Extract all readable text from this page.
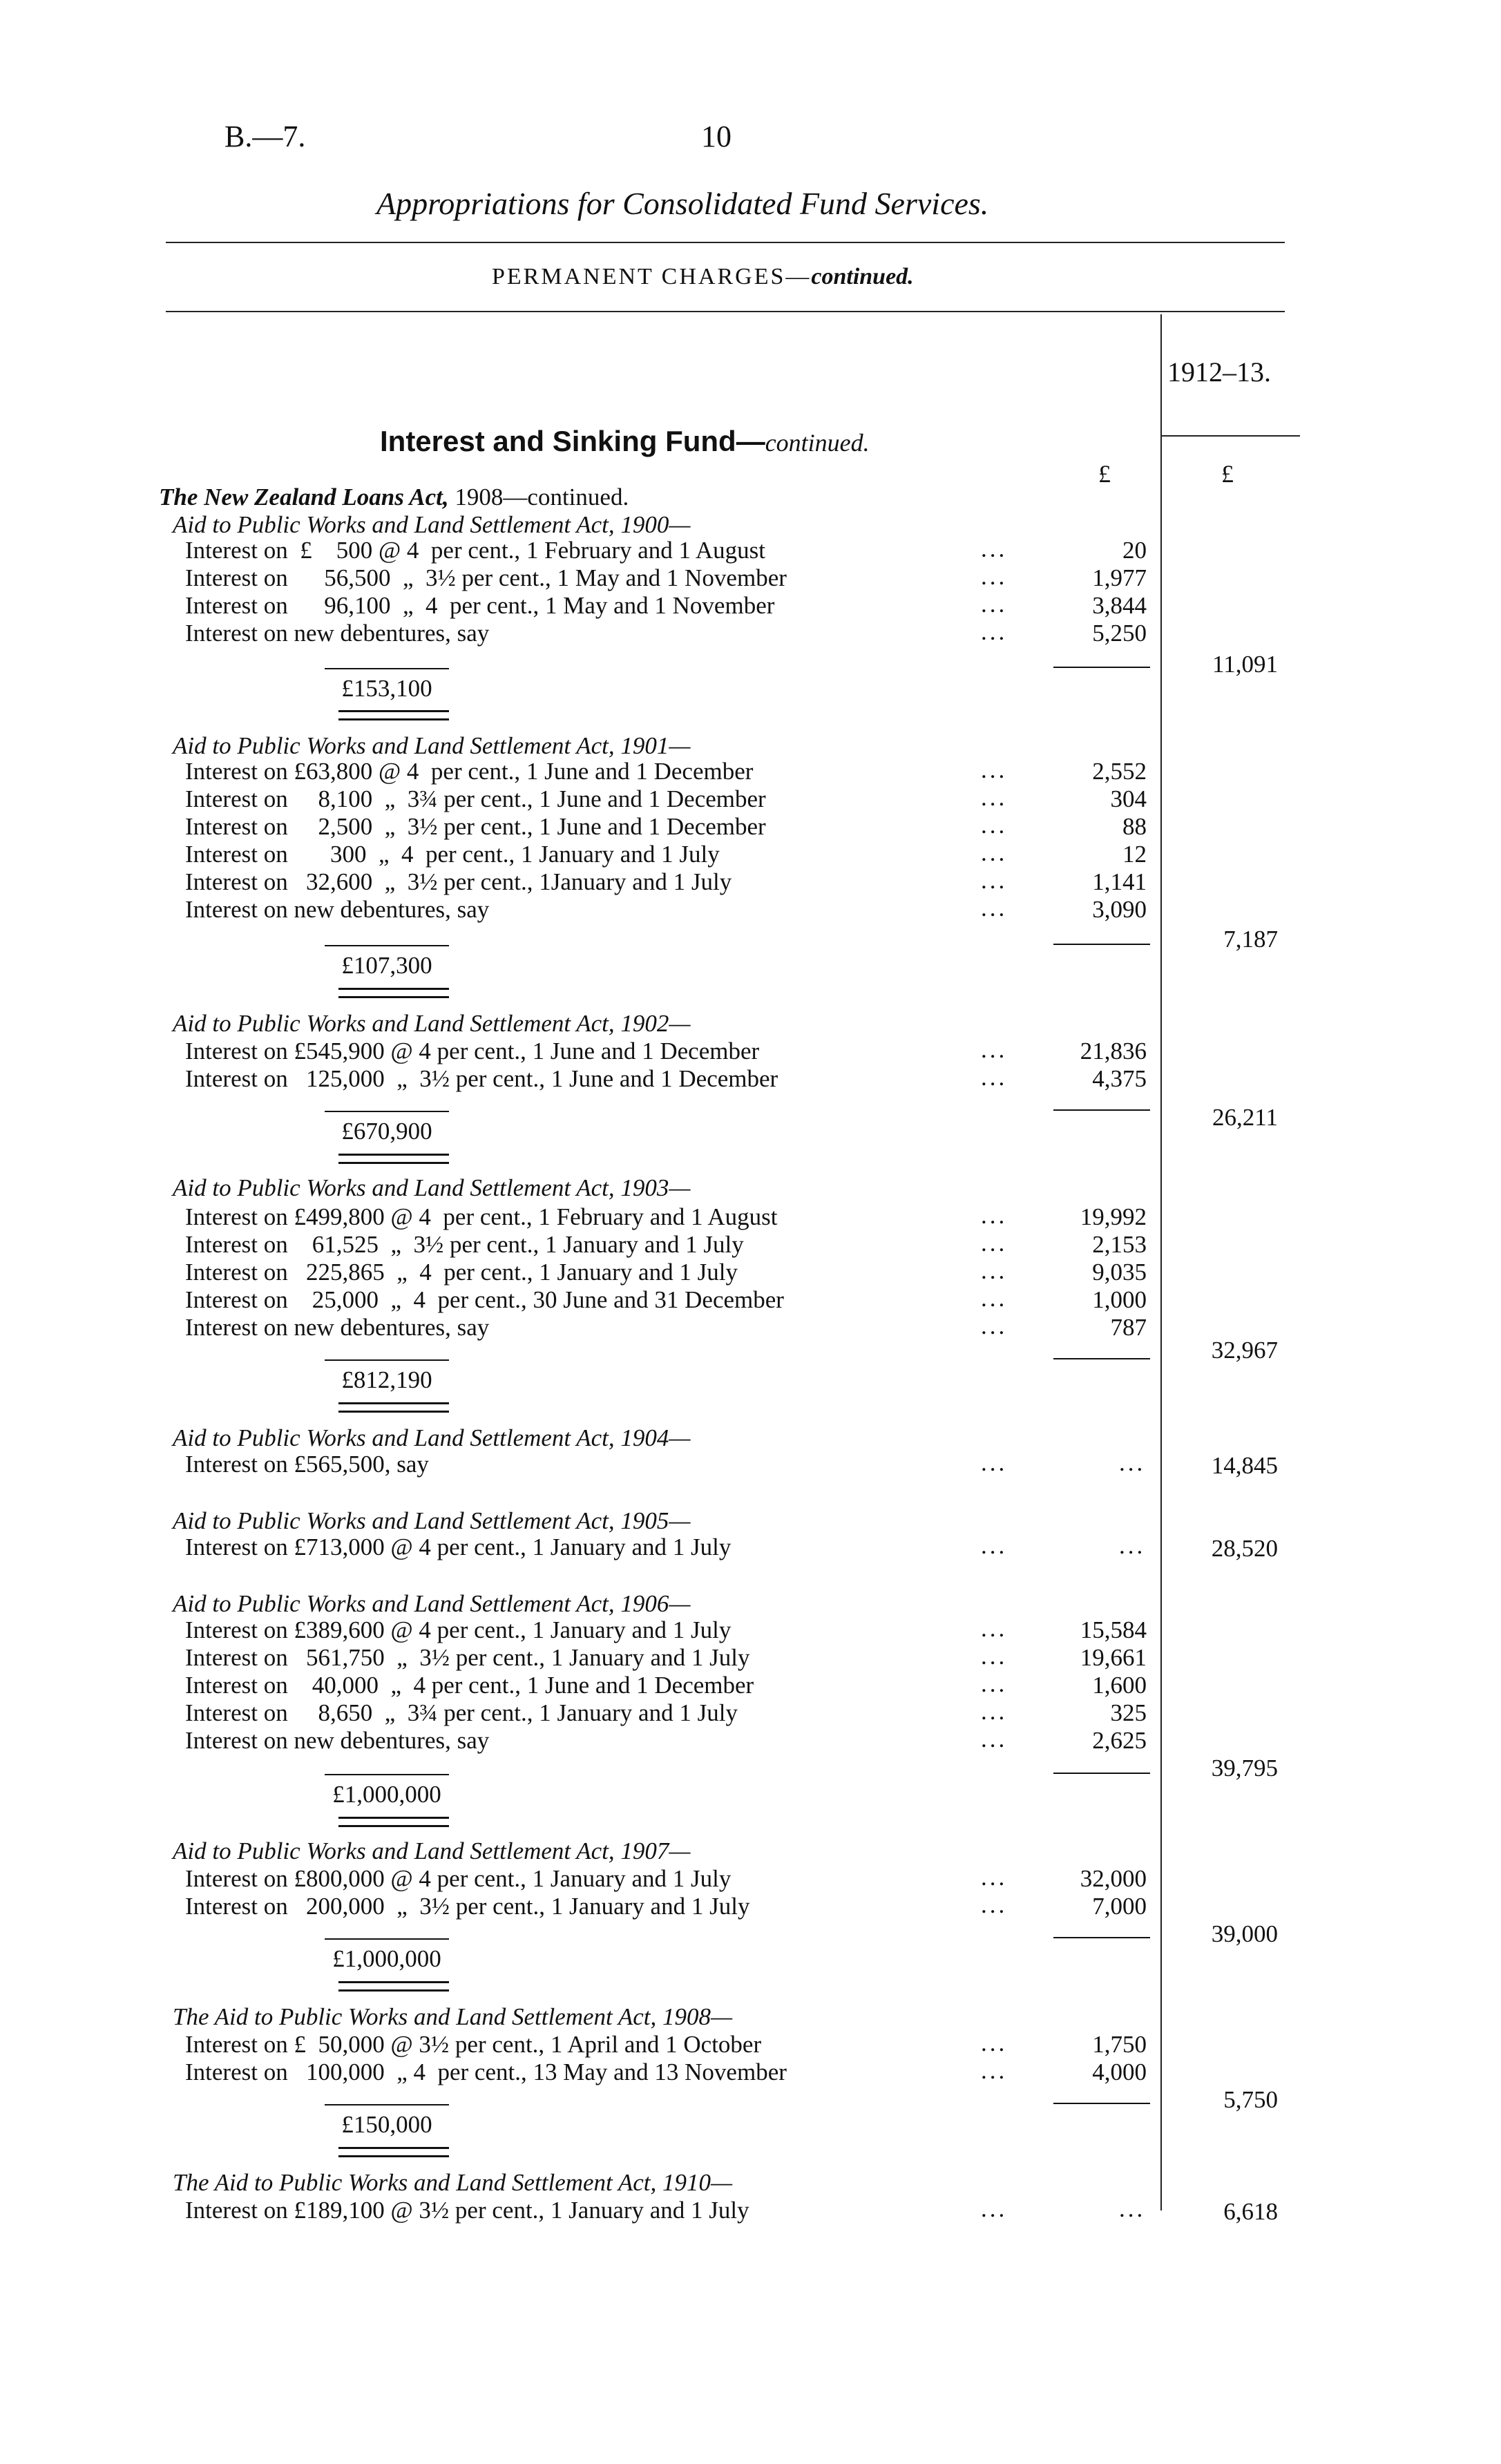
B.—7.	10
Appropriations for Consolidated Fund Services.
PERMANENT CHARGES—continued.
1912–13.
£	£
Interest and Sinking Fund—continued.
The New Zealand Loans Act, 1908—continued.
Aid to Public Works and Land Settlement Act, 1900—
Interest on  £    500 @ 4  per cent., 1 February and 1 August	...	20
Interest on      56,500  „  3½ per cent., 1 May and 1 November	...	1,977
Interest on      96,100  „  4  per cent., 1 May and 1 November	...	3,844
Interest on new debentures, say	...	5,250
£153,100
11,091
Aid to Public Works and Land Settlement Act, 1901—
Interest on £63,800 @ 4  per cent., 1 June and 1 December	...	2,552
Interest on     8,100  „  3¾ per cent., 1 June and 1 December	...	304
Interest on     2,500  „  3½ per cent., 1 June and 1 December	...	88
Interest on       300  „  4  per cent., 1 January and 1 July	...	12
Interest on   32,600  „  3½ per cent., 1January and 1 July	...	1,141
Interest on new debentures, say	...	3,090
£107,300
7,187
Aid to Public Works and Land Settlement Act, 1902—
Interest on £545,900 @ 4 per cent., 1 June and 1 December	...	21,836
Interest on   125,000  „  3½ per cent., 1 June and 1 December	...	4,375
£670,900
26,211
Aid to Public Works and Land Settlement Act, 1903—
Interest on £499,800 @ 4  per cent., 1 February and 1 August	...	19,992
Interest on    61,525  „  3½ per cent., 1 January and 1 July	...	2,153
Interest on   225,865  „  4  per cent., 1 January and 1 July	...	9,035
Interest on    25,000  „  4  per cent., 30 June and 31 December	...	1,000
Interest on new debentures, say	...	787
£812,190
32,967
Aid to Public Works and Land Settlement Act, 1904—
Interest on £565,500, say	...	...	14,845
Aid to Public Works and Land Settlement Act, 1905—
Interest on £713,000 @ 4 per cent., 1 January and 1 July	...	...	28,520
Aid to Public Works and Land Settlement Act, 1906—
Interest on £389,600 @ 4 per cent., 1 January and 1 July	...	15,584
Interest on   561,750  „  3½ per cent., 1 January and 1 July	...	19,661
Interest on    40,000  „  4 per cent., 1 June and 1 December	...	1,600
Interest on     8,650  „  3¾ per cent., 1 January and 1 July	...	325
Interest on new debentures, say	...	2,625
£1,000,000
39,795
Aid to Public Works and Land Settlement Act, 1907—
Interest on £800,000 @ 4 per cent., 1 January and 1 July	...	32,000
Interest on   200,000  „  3½ per cent., 1 January and 1 July	...	7,000
£1,000,000
39,000
The Aid to Public Works and Land Settlement Act, 1908—
Interest on £  50,000 @ 3½ per cent., 1 April and 1 October	...	1,750
Interest on   100,000  „ 4  per cent., 13 May and 13 November	...	4,000
£150,000
5,750
The Aid to Public Works and Land Settlement Act, 1910—
Interest on £189,100 @ 3½ per cent., 1 January and 1 July	...	...	6,618
